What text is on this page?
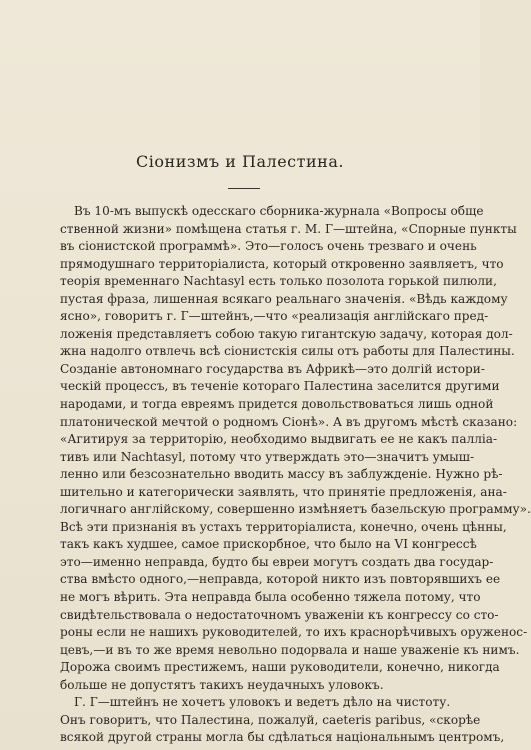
Сіонизмъ и Палестина.
Въ 10-мъ выпускѣ одесскаго сборника-журнала «Вопросы обще
ственной жизни» помѣщена статья г. М. Г—штейна, «Спорные пункты
въ сіонистской программѣ». Это—голосъ очень трезваго и очень
прямодушнаго территоріалиста, который откровенно заявляетъ, что
теорія временнаго Nachtasyl есть только позолота горькой пилюли,
пустая фраза, лишенная всякаго реальнаго значенія. «Вѣдь каждому
ясно», говоритъ г. Г—штейнъ,—что «реализація англійскаго пред-
ложенія представляетъ собою такую гигантскую задачу, которая дол-
жна надолго отвлечь всѣ сіонистскія силы отъ работы для Палестины.
Созданіе автономнаго государства въ Африкѣ—это долгій истори-
ческій процессъ, въ теченіе котораго Палестина заселится другими
народами, и тогда евреямъ придется довольствоваться лишь одной
платонической мечтой о родномъ Сіонѣ». А въ другомъ мѣстѣ сказано:
«Агитируя за территорію, необходимо выдвигать ее не какъ палліа-
тивъ или Nachtasyl, потому что утверждать это—значитъ умыш-
ленно или безсознательно вводить массу въ заблужденіе. Нужно рѣ-
шительно и категорически заявлять, что принятіе предложенія, ана-
логичнаго англійскому, совершенно измѣняетъ базельскую программу».
Всѣ эти признанія въ устахъ территоріалиста, конечно, очень цѣнны,
такъ какъ худшее, самое прискорбное, что было на VI конгрессѣ
это—именно неправда, будто бы евреи могутъ создать два государ-
ства вмѣсто одного,—неправда, которой никто изъ повторявшихъ ее
не могъ вѣрить. Эта неправда была особенно тяжела потому, что
свидѣтельствовала о недостаточномъ уваженіи къ конгрессу со сто-
роны если не нашихъ руководителей, то ихъ краснорѣчивыхъ оруженос-
цевъ,—и въ то же время невольно подорвала и наше уваженіе къ нимъ.
Дорожа своимъ престижемъ, наши руководители, конечно, никогда
больше не допустятъ такихъ неудачныхъ уловокъ.
Г. Г—штейнъ не хочетъ уловокъ и ведетъ дѣло на чистоту.
Онъ говоритъ, что Палестина, пожалуй, caeteris paribus, «скорѣе
всякой другой страны могла бы сдѣлаться національнымъ центромъ,
